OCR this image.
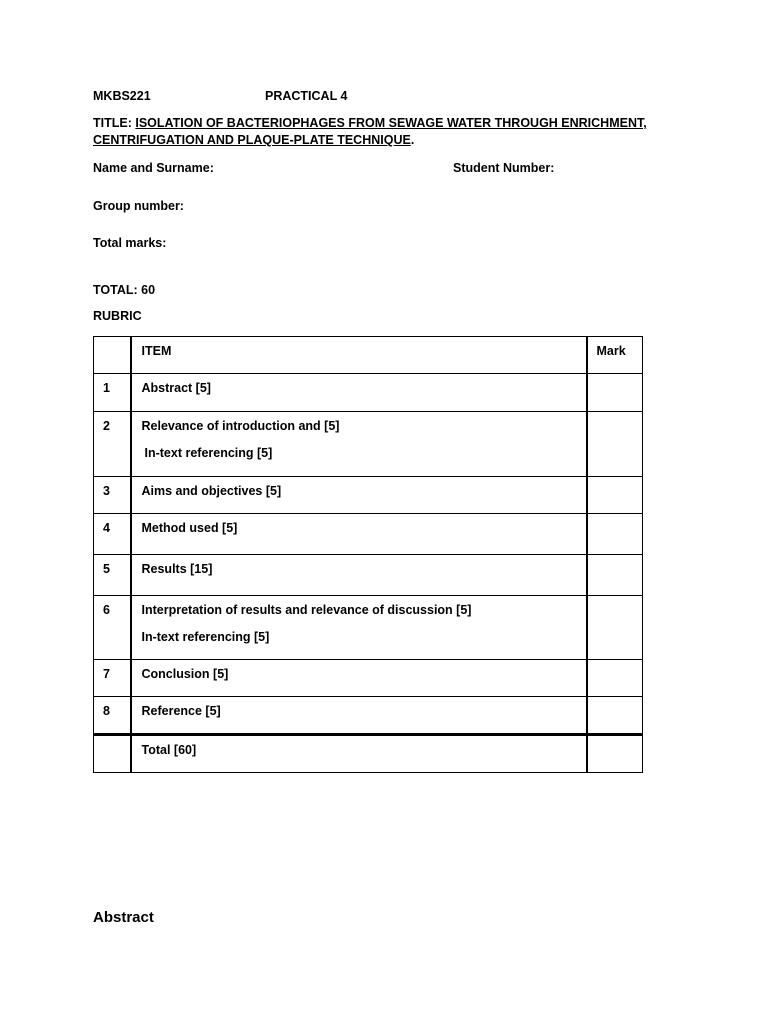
MKBS221	PRACTICAL 4
TITLE: ISOLATION OF BACTERIOPHAGES FROM SEWAGE WATER THROUGH ENRICHMENT,
CENTRIFUGATION AND PLAQUE-PLATE TECHNIQUE.
Name and Surname:	Student Number:
Group number:
Total marks:
TOTAL: 60
RUBRIC
	ITEM	Mark
1	Abstract [5]	
2	Relevance of introduction and [5]
In-text referencing [5]	

3	Aims and objectives [5]	
4	Method used [5]	
5	Results [15]	
6	Interpretation of results and relevance of discussion [5]
In-text referencing [5]	

7	Conclusion [5]	
8	Reference [5]	
	Total [60]	
Abstract
